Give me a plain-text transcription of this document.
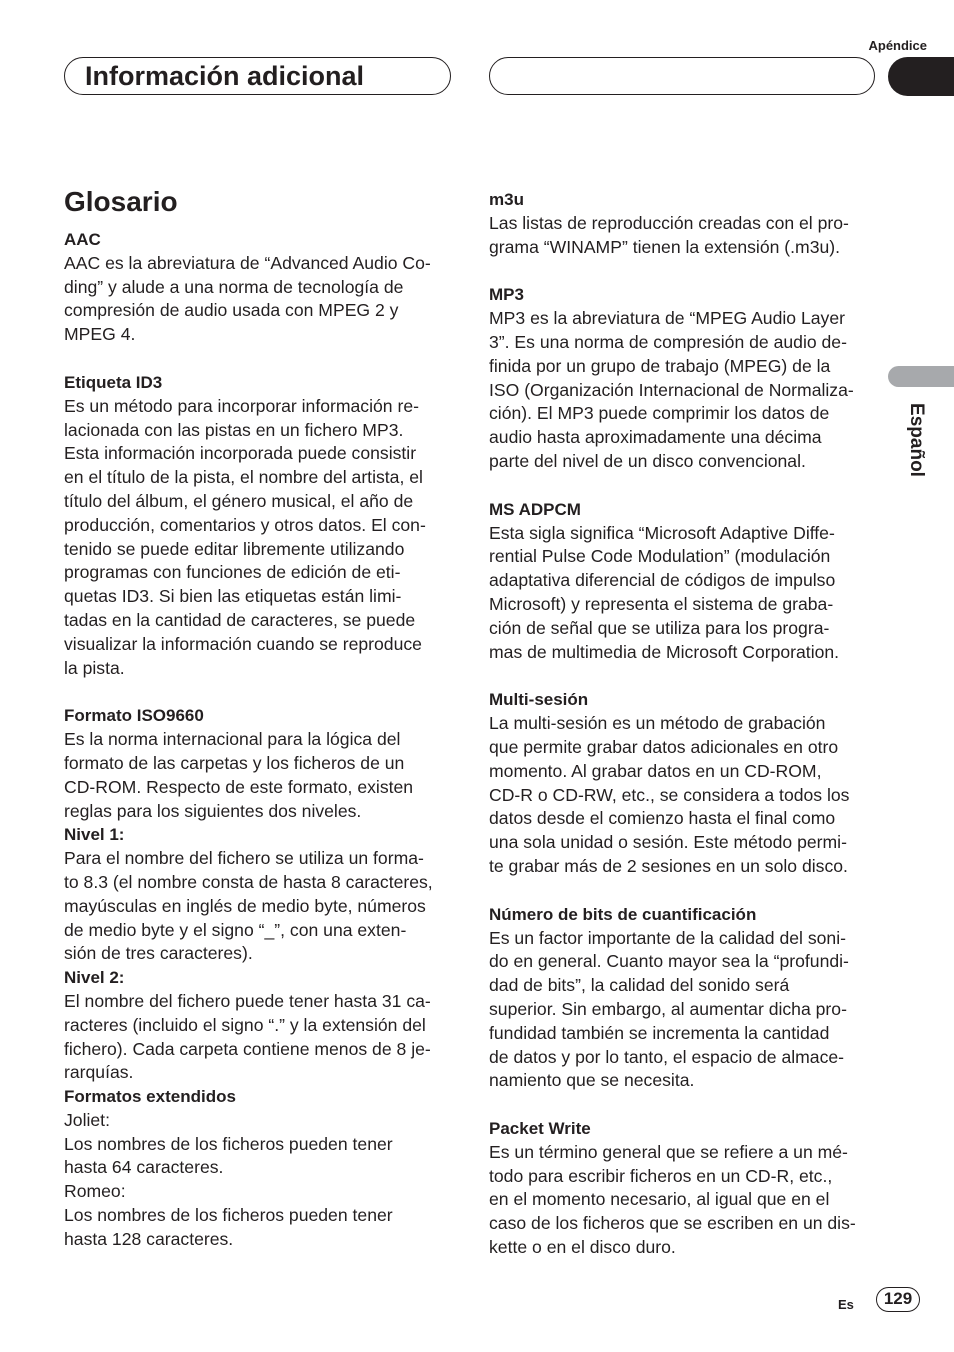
Apéndice
Información adicional
Español
Glosario
AAC
AAC es la abreviatura de “Advanced Audio Co-
ding” y alude a una norma de tecnología de
compresión de audio usada con MPEG 2 y
MPEG 4.
Etiqueta ID3
Es un método para incorporar información re-
lacionada con las pistas en un fichero MP3.
Esta información incorporada puede consistir
en el título de la pista, el nombre del artista, el
título del álbum, el género musical, el año de
producción, comentarios y otros datos. El con-
tenido se puede editar libremente utilizando
programas con funciones de edición de eti-
quetas ID3. Si bien las etiquetas están limi-
tadas en la cantidad de caracteres, se puede
visualizar la información cuando se reproduce
la pista.
Formato ISO9660
Es la norma internacional para la lógica del
formato de las carpetas y los ficheros de un
CD-ROM. Respecto de este formato, existen
reglas para los siguientes dos niveles.
Nivel 1:
Para el nombre del fichero se utiliza un forma-
to 8.3 (el nombre consta de hasta 8 caracteres,
mayúsculas en inglés de medio byte, números
de medio byte y el signo “_”, con una exten-
sión de tres caracteres).
Nivel 2:
El nombre del fichero puede tener hasta 31 ca-
racteres (incluido el signo “.” y la extensión del
fichero). Cada carpeta contiene menos de 8 je-
rarquías.
Formatos extendidos
Joliet:
Los nombres de los ficheros pueden tener
hasta 64 caracteres.
Romeo:
Los nombres de los ficheros pueden tener
hasta 128 caracteres.
m3u
Las listas de reproducción creadas con el pro-
grama “WINAMP” tienen la extensión (.m3u).
MP3
MP3 es la abreviatura de “MPEG Audio Layer
3”. Es una norma de compresión de audio de-
finida por un grupo de trabajo (MPEG) de la
ISO (Organización Internacional de Normaliza-
ción). El MP3 puede comprimir los datos de
audio hasta aproximadamente una décima
parte del nivel de un disco convencional.
MS ADPCM
Esta sigla significa “Microsoft Adaptive Diffe-
rential Pulse Code Modulation” (modulación
adaptativa diferencial de códigos de impulso
Microsoft) y representa el sistema de graba-
ción de señal que se utiliza para los progra-
mas de multimedia de Microsoft Corporation.
Multi-sesión
La multi-sesión es un método de grabación
que permite grabar datos adicionales en otro
momento. Al grabar datos en un CD-ROM,
CD-R o CD-RW, etc., se considera a todos los
datos desde el comienzo hasta el final como
una sola unidad o sesión. Este método permi-
te grabar más de 2 sesiones en un solo disco.
Número de bits de cuantificación
Es un factor importante de la calidad del soni-
do en general. Cuanto mayor sea la “profundi-
dad de bits”, la calidad del sonido será
superior. Sin embargo, al aumentar dicha pro-
fundidad también se incrementa la cantidad
de datos y por lo tanto, el espacio de almace-
namiento que se necesita.
Packet Write
Es un término general que se refiere a un mé-
todo para escribir ficheros en un CD-R, etc.,
en el momento necesario, al igual que en el
caso de los ficheros que se escriben en un dis-
kette o en el disco duro.
Es	129
